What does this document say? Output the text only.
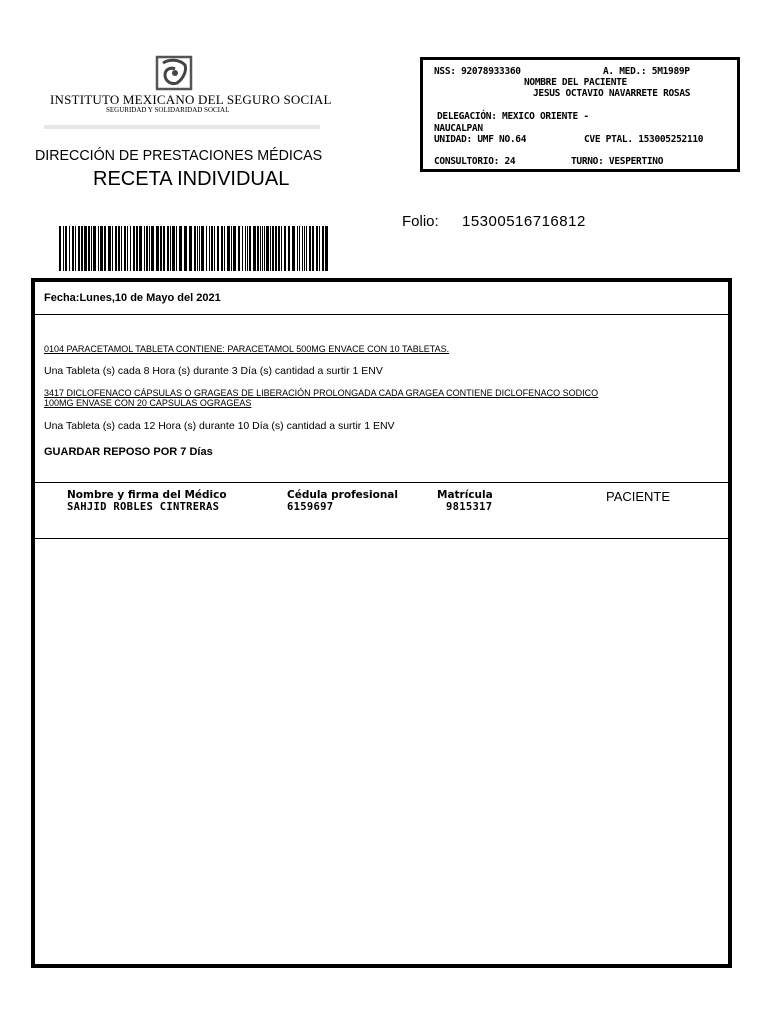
INSTITUTO MEXICANO DEL SEGURO SOCIAL
SEGURIDAD Y SOLIDARIDAD SOCIAL
DIRECCIÓN DE PRESTACIONES MÉDICAS
RECETA INDIVIDUAL
Folio: 15300516716812
NSS: 92078933360	A. MED.: 5M1989P
NOMBRE DEL PACIENTE
JESUS OCTAVIO NAVARRETE ROSAS
DELEGACIÓN: MEXICO ORIENTE -
NAUCALPAN
UNIDAD: UMF NO.64	CVE PTAL. 153005252110
CONSULTORIO: 24	TURNO: VESPERTINO
Fecha:Lunes,10 de Mayo del 2021
0104 PARACETAMOL TABLETA CONTIENE: PARACETAMOL 500MG ENVACE CON 10 TABLETAS.
Una Tableta (s) cada 8 Hora (s) durante 3 Día (s) cantidad a surtir 1 ENV
3417 DICLOFENACO CÁPSULAS O GRAGEAS DE LIBERACIÓN PROLONGADA CADA GRAGEA CONTIENE DICLOFENACO SODICO 100MG ENVASE CON 20 CAPSULAS OGRAGEAS
Una Tableta (s) cada 12 Hora (s) durante 10 Día (s) cantidad a surtir 1 ENV
GUARDAR REPOSO POR 7 Días
Nombre y firma del Médico
SAHJID ROBLES CINTRERAS
Cédula profesional
6159697
Matrícula
9815317
PACIENTE
